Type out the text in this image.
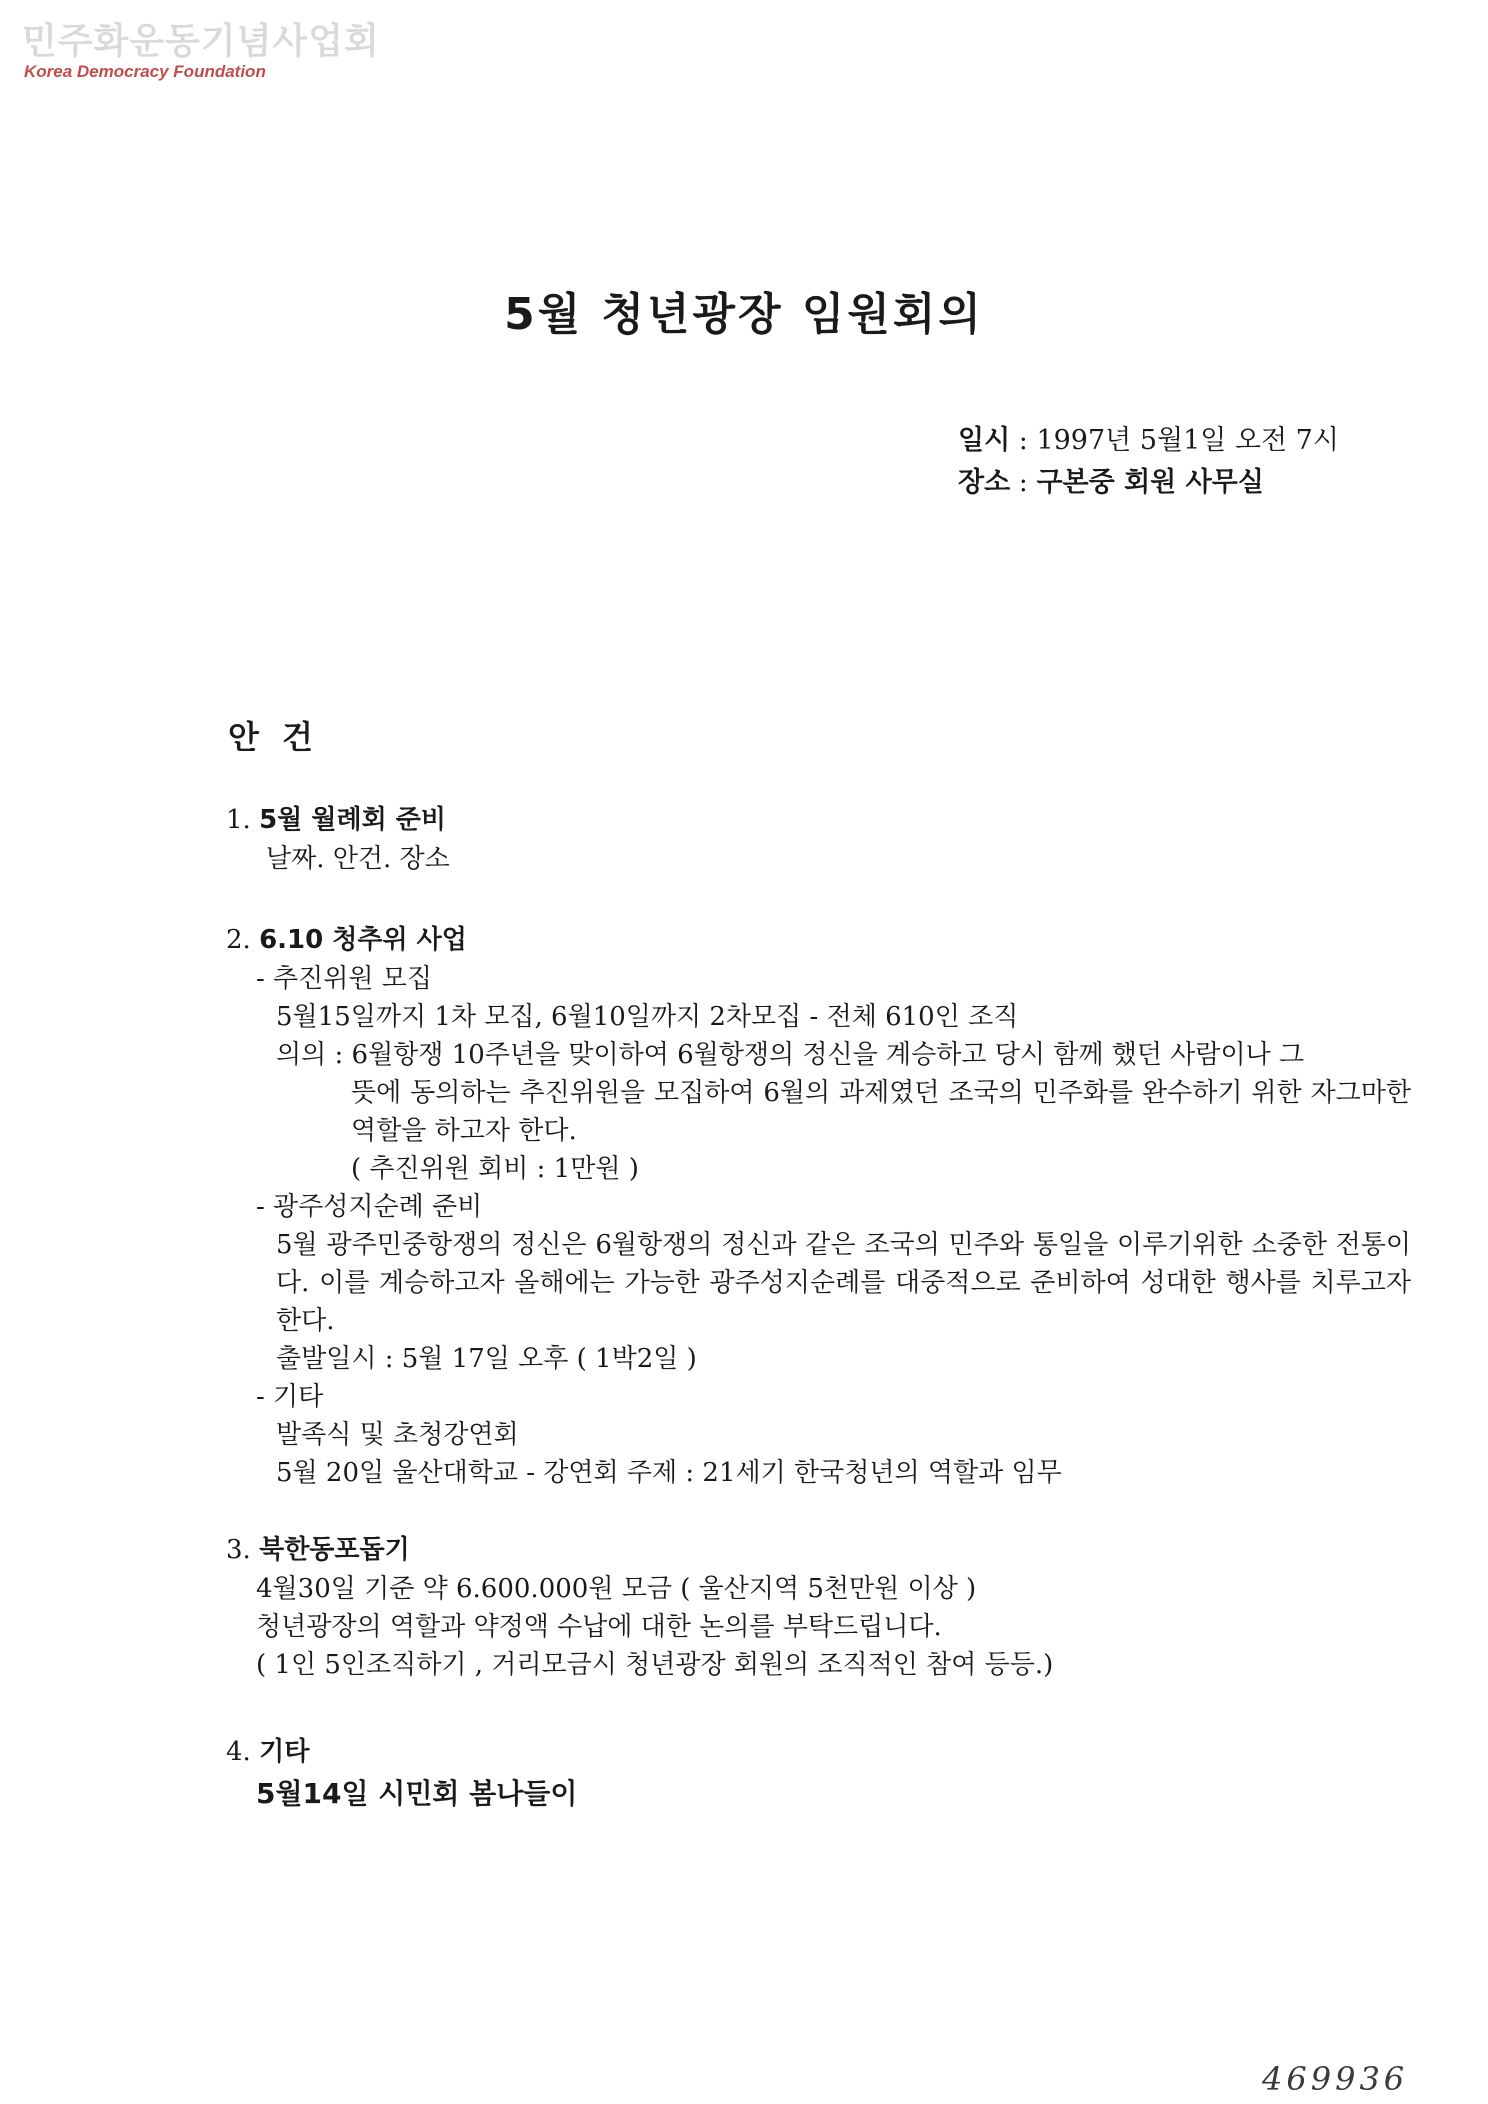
민주화운동기념사업회
Korea Democracy Foundation
5월 청년광장 임원회의
일시 : 1997년 5월1일 오전 7시
장소 : 구본중 회원 사무실
안 건
1. 5월 월례회 준비
날짜. 안건. 장소
2. 6.10 청추위 사업
- 추진위원 모집
5월15일까지 1차 모집, 6월10일까지 2차모집 - 전체 610인 조직
의의 : 6월항쟁 10주년을 맞이하여 6월항쟁의 정신을 계승하고 당시 함께 했던 사람이나 그
뜻에 동의하는 추진위원을 모집하여 6월의 과제였던 조국의 민주화를 완수하기 위한 자그마한 역할을 하고자 한다.
( 추진위원 회비 : 1만원 )
- 광주성지순례 준비
5월 광주민중항쟁의 정신은 6월항쟁의 정신과 같은 조국의 민주와 통일을 이루기위한 소중한 전통이다. 이를 계승하고자 올해에는 가능한 광주성지순례를 대중적으로 준비하여 성대한 행사를 치루고자 한다.
출발일시 : 5월 17일 오후 ( 1박2일 )
- 기타
발족식 및 초청강연회
5월 20일 울산대학교 - 강연회 주제 : 21세기 한국청년의 역할과 임무
3. 북한동포돕기
4월30일 기준 약 6.600.000원 모금 ( 울산지역 5천만원 이상 )
청년광장의 역할과 약정액 수납에 대한 논의를 부탁드립니다.
( 1인 5인조직하기 , 거리모금시 청년광장 회원의 조직적인 참여 등등.)
4. 기타
5월14일 시민회 봄나들이
469936
